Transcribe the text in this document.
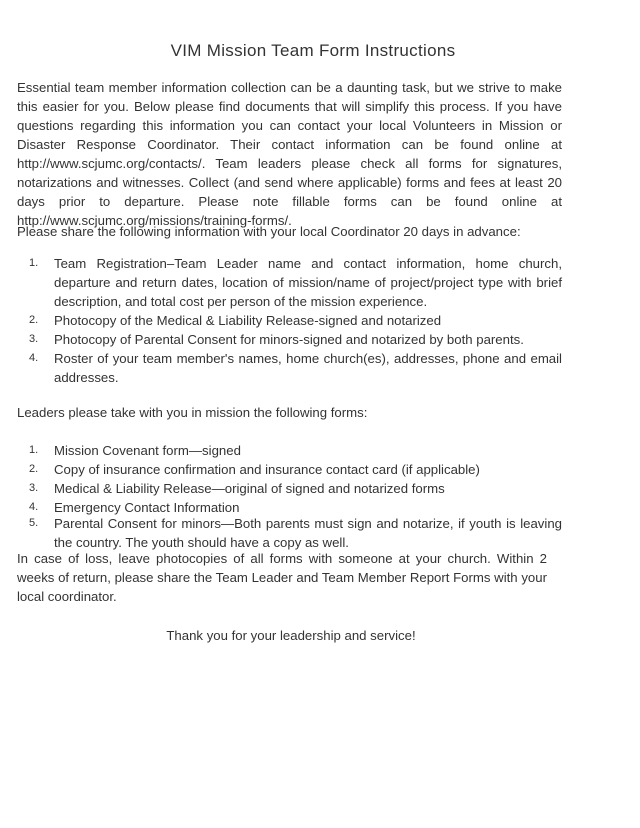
VIM Mission Team Form Instructions
Essential team member information collection can be a daunting task, but we strive to make this easier for you. Below please find documents that will simplify this process. If you have questions regarding this information you can contact your local Volunteers in Mission or Disaster Response Coordinator. Their contact information can be found online at http://www.scjumc.org/contacts/. Team leaders please check all forms for signatures, notarizations and witnesses. Collect (and send where applicable) forms and fees at least 20 days prior to departure. Please note fillable forms can be found online at http://www.scjumc.org/missions/training-forms/.
Please share the following information with your local Coordinator 20 days in advance:
1. Team Registration–Team Leader name and contact information, home church, departure and return dates, location of mission/name of project/project type with brief description, and total cost per person of the mission experience.
2. Photocopy of the Medical & Liability Release-signed and notarized
3. Photocopy of Parental Consent for minors-signed and notarized by both parents.
4. Roster of your team member's names, home church(es), addresses, phone and email addresses.
Leaders please take with you in mission the following forms:
1. Mission Covenant form—signed
2. Copy of insurance confirmation and insurance contact card (if applicable)
3. Medical & Liability Release—original of signed and notarized forms
4. Emergency Contact Information
5. Parental Consent for minors—Both parents must sign and notarize, if youth is leaving the country. The youth should have a copy as well.
In case of loss, leave photocopies of all forms with someone at your church. Within 2 weeks of return, please share the Team Leader and Team Member Report Forms with your local coordinator.
Thank you for your leadership and service!
